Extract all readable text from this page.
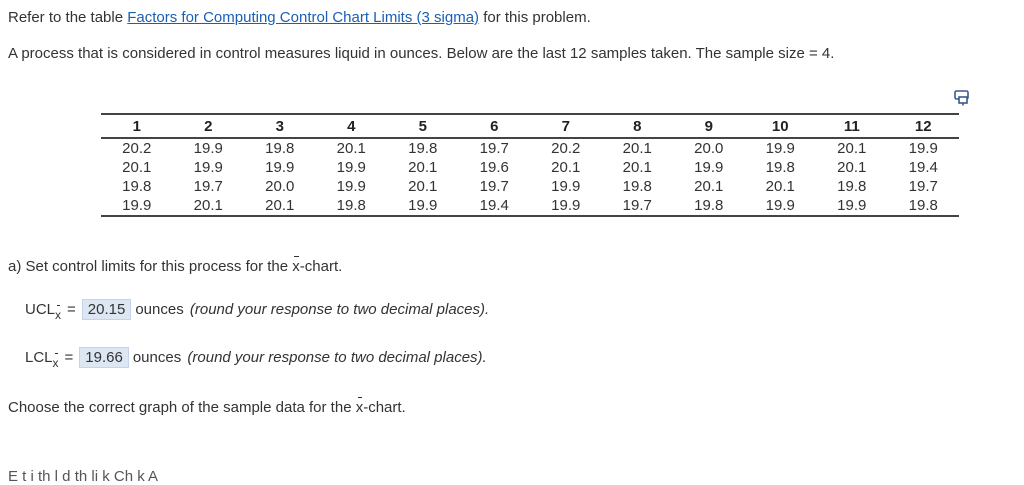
Refer to the table Factors for Computing Control Chart Limits (3 sigma) for this problem.
A process that is considered in control measures liquid in ounces. Below are the last 12 samples taken. The sample size = 4.
1	2	3	4	5	6	7	8	9	10	11	12
20.2	19.9	19.8	20.1	19.8	19.7	20.2	20.1	20.0	19.9	20.1	19.9
20.1	19.9	19.9	19.9	20.1	19.6	20.1	20.1	19.9	19.8	20.1	19.4
19.8	19.7	20.0	19.9	20.1	19.7	19.9	19.8	20.1	20.1	19.8	19.7
19.9	20.1	20.1	19.8	19.9	19.4	19.9	19.7	19.8	19.9	19.9	19.8
a) Set control limits for this process for the x-chart.
UCLx = 20.15 ounces
(round your response to two decimal places).
LCLx = 19.66 ounces
(round your response to two decimal places).
Choose the correct graph of the sample data for the x-chart.
E t i th l d th li k Ch k A
